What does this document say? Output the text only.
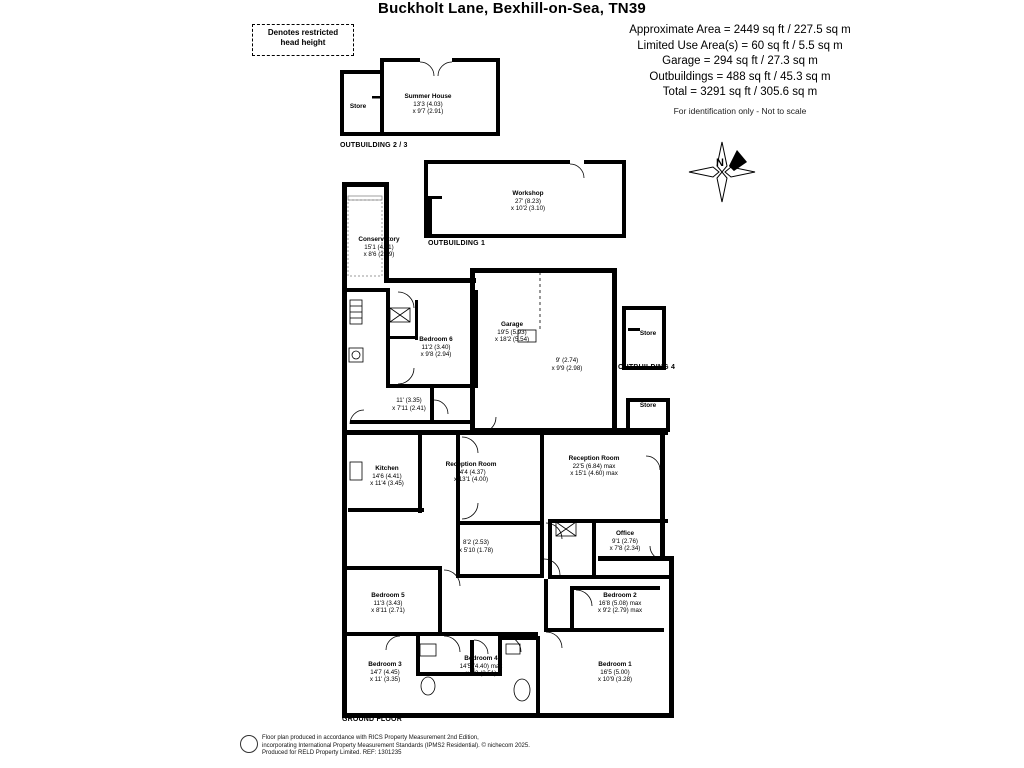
Buckholt Lane, Bexhill-on-Sea, TN39
Approximate Area = 2449 sq ft / 227.5 sq m
Limited Use Area(s) = 60 sq ft / 5.5 sq m
Garage = 294 sq ft / 27.3 sq m
Outbuildings = 488 sq ft / 45.3 sq m
Total = 3291 sq ft / 305.6 sq m
For identification only - Not to scale
Denotes restricted
head height
N
OUTBUILDING 2 / 3
OUTBUILDING 1
OUTBUILDING 4
GROUND FLOOR
Store
Summer House
13'3 (4.03)
x 9'7 (2.91)
Workshop
27' (8.23)
x 10'2 (3.10)
Conservatory
15'1 (4.61)
x 8'6 (2.59)
Bedroom 6
11'2 (3.40)
x 9'8 (2.94)
Garage
19'5 (5.93)
x 18'2 (5.54)
9' (2.74)
x 9'9 (2.98)
Store
Store
11' (3.35)
x 7'11 (2.41)
Kitchen
14'6 (4.41)
x 11'4 (3.45)
Reception Room
14'4 (4.37)
x 13'1 (4.00)
Reception Room
22'5 (6.84) max
x 15'1 (4.60) max
8'2 (2.53)
x 5'10 (1.78)
Office
9'1 (2.76)
x 7'8 (2.34)
Bedroom 5
11'3 (3.43)
x 8'11 (2.71)
Bedroom 2
16'8 (5.08) max
x 9'2 (2.79) max
Bedroom 3
14'7 (4.45)
x 11' (3.35)
Bedroom 4
14'5 (4.40) max
x 8'3 (2.51)
Bedroom 1
16'5 (5.00)
x 10'9 (3.28)
Floor plan produced in accordance with RICS Property Measurement 2nd Edition,
incorporating International Property Measurement Standards (IPMS2 Residential). © nichecom 2025.
Produced for RELD Property Limited. REF: 1301235
